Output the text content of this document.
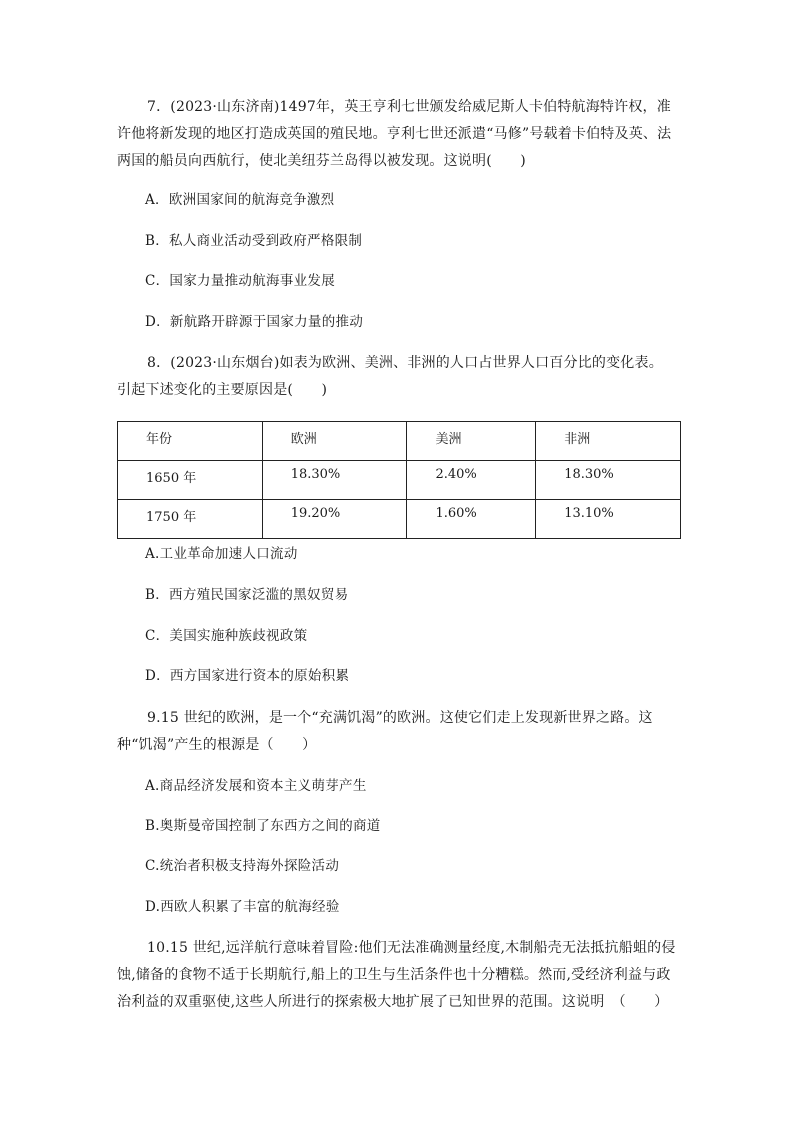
7．(2023·山东济南)1497年，英王亨利七世颁发给威尼斯人卡伯特航海特许权，准许他将新发现的地区打造成英国的殖民地。亨利七世还派遣“马修”号载着卡伯特及英、法两国的船员向西航行，使北美纽芬兰岛得以被发现。这说明(　　)

A．欧洲国家间的航海竞争激烈

B．私人商业活动受到政府严格限制

C．国家力量推动航海事业发展

D．新航路开辟源于国家力量的推动

8．(2023·山东烟台)如表为欧洲、美洲、非洲的人口占世界人口百分比的变化表。引起下述变化的主要原因是(　　)

年份	欧洲	美洲	非洲
1650 年	18.30%	2.40%	18.30%
1750 年	19.20%	1.60%	13.10%

A.工业革命加速人口流动

B．西方殖民国家泛滥的黑奴贸易

C．美国实施种族歧视政策

D．西方国家进行资本的原始积累

9.15 世纪的欧洲，是一个“充满饥渴”的欧洲。这使它们走上发现新世界之路。这种“饥渴”产生的根源是（　　）

A.商品经济发展和资本主义萌芽产生

B.奥斯曼帝国控制了东西方之间的商道

C.统治者积极支持海外探险活动

D.西欧人积累了丰富的航海经验

10.15 世纪,远洋航行意味着冒险:他们无法准确测量经度,木制船壳无法抵抗船蛆的侵蚀,储备的食物不适于长期航行,船上的卫生与生活条件也十分糟糕。然而,受经济利益与政治利益的双重驱使,这些人所进行的探索极大地扩展了已知世界的范围。这说明　（　　）
